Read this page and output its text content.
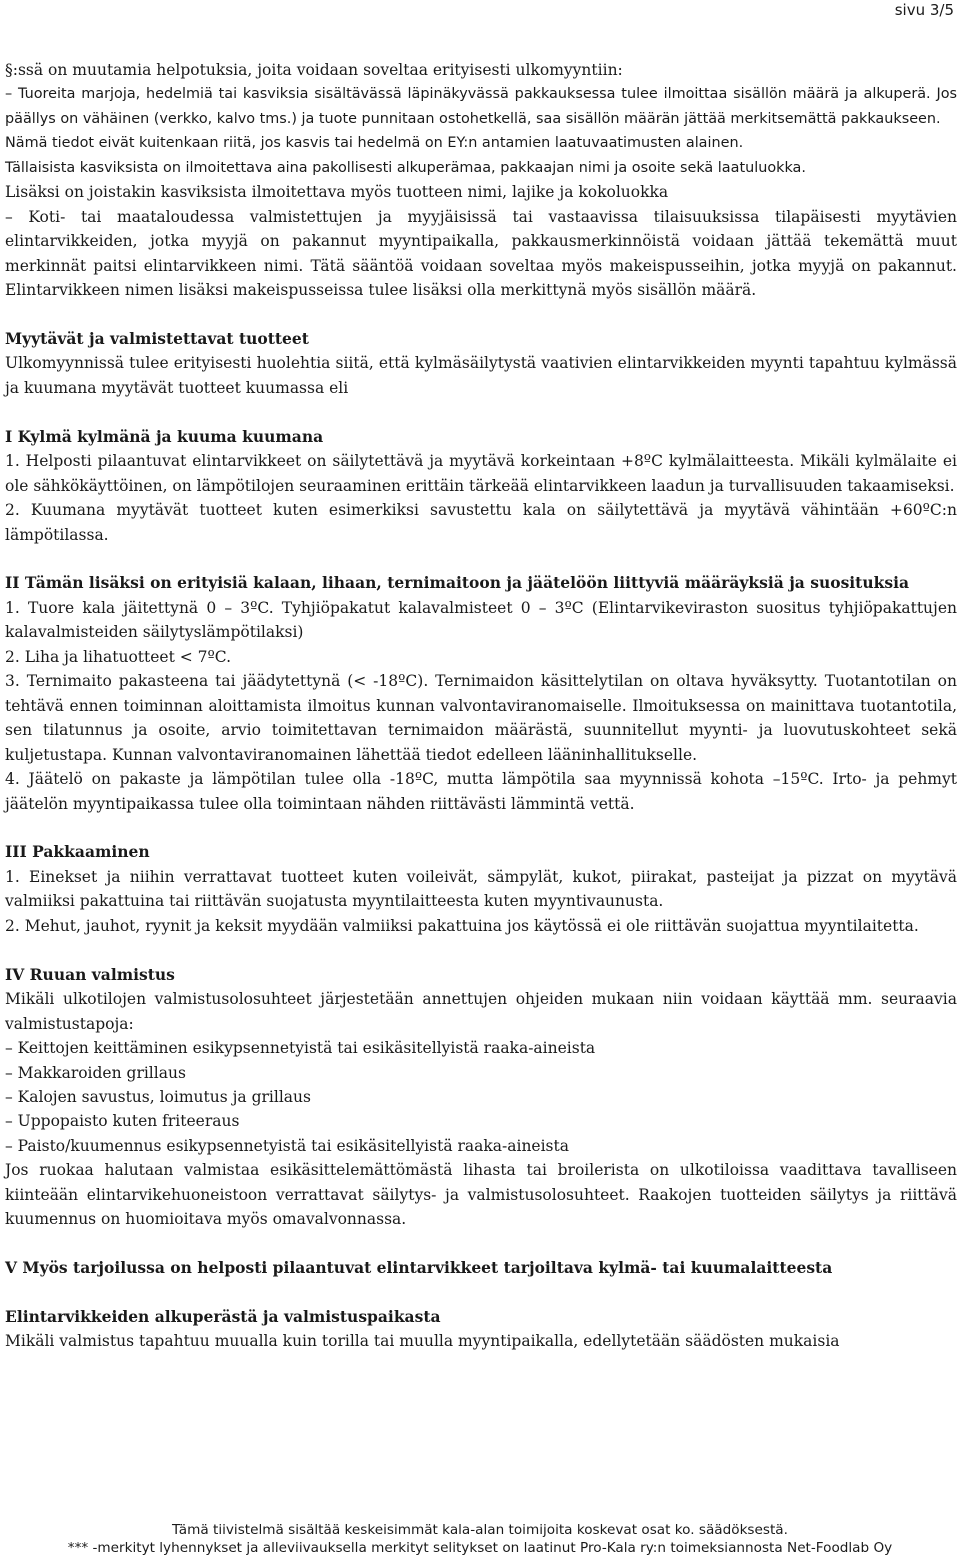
sivu 3/5

§:ssä on muutamia helpotuksia, joita voidaan soveltaa erityisesti ulkomyyntiin:

– Tuoreita marjoja, hedelmiä tai kasviksia sisältävässä läpinäkyvässä pakkauksessa tulee ilmoittaa sisällön määrä ja alkuperä. Jos päällys on vähäinen (verkko, kalvo tms.) ja tuote punnitaan ostohetkellä, saa sisällön määrän jättää merkitsemättä pakkaukseen.

Nämä tiedot eivät kuitenkaan riitä, jos kasvis tai hedelmä on EY:n antamien laatuvaatimusten alainen.

Tällaisista kasviksista on ilmoitettava aina pakollisesti alkuperämaa, pakkaajan nimi ja osoite sekä laatuluokka.

Lisäksi on joistakin kasviksista ilmoitettava myös tuotteen nimi, lajike ja kokoluokka

– Koti- tai maataloudessa valmistettujen ja myyjäisissä tai vastaavissa tilaisuuksissa tilapäisesti myytävien elintarvikkeiden, jotka myyjä on pakannut myyntipaikalla, pakkausmerkinnöistä voidaan jättää tekemättä muut merkinnät paitsi elintarvikkeen nimi. Tätä sääntöä voidaan soveltaa myös makeispusseihin, jotka myyjä on pakannut. Elintarvikkeen nimen lisäksi makeispusseissa tulee lisäksi olla merkittynä myös sisällön määrä.

Myytävät ja valmistettavat tuotteet

Ulkomyynnissä tulee erityisesti huolehtia siitä, että kylmäsäilytystä vaativien elintarvikkeiden myynti tapahtuu kylmässä ja kuumana myytävät tuotteet kuumassa eli

I Kylmä kylmänä ja kuuma kuumana

1. Helposti pilaantuvat elintarvikkeet on säilytettävä ja myytävä korkeintaan +8ºC kylmälaitteesta. Mikäli kylmälaite ei ole sähkökäyttöinen, on lämpötilojen seuraaminen erittäin tärkeää elintarvikkeen laadun ja turvallisuuden takaamiseksi.

2. Kuumana myytävät tuotteet kuten esimerkiksi savustettu kala on säilytettävä ja myytävä vähintään +60ºC:n lämpötilassa.

II Tämän lisäksi on erityisiä kalaan, lihaan, ternimaitoon ja jäätelöön liittyviä määräyksiä ja suosituksia

1. Tuore kala jäitettynä 0 – 3ºC. Tyhjiöpakatut kalavalmisteet 0 – 3ºC (Elintarvikeviraston suositus tyhjiöpakattujen kalavalmisteiden säilytyslämpötilaksi)

2. Liha ja lihatuotteet < 7ºC.

3. Ternimaito pakasteena tai jäädytettynä (< -18ºC). Ternimaidon käsittelytilan on oltava hyväksytty. Tuotantotilan on tehtävä ennen toiminnan aloittamista ilmoitus kunnan valvontaviranomaiselle. Ilmoituksessa on mainittava tuotantotila, sen tilatunnus ja osoite, arvio toimitettavan ternimaidon määrästä, suunnitellut myynti- ja luovutuskohteet sekä kuljetustapa. Kunnan valvontaviranomainen lähettää tiedot edelleen lääninhallitukselle.

4. Jäätelö on pakaste ja lämpötilan tulee olla -18ºC, mutta lämpötila saa myynnissä kohota –15ºC. Irto- ja pehmyt jäätelön myyntipaikassa tulee olla toimintaan nähden riittävästi lämmintä vettä.

III Pakkaaminen

1. Einekset ja niihin verrattavat tuotteet kuten voileivät, sämpylät, kukot, piirakat, pasteijat ja pizzat on myytävä valmiiksi pakattuina tai riittävän suojatusta myyntilaitteesta kuten myyntivaunusta.

2. Mehut, jauhot, ryynit ja keksit myydään valmiiksi pakattuina jos käytössä ei ole riittävän suojattua myyntilaitetta.

IV Ruuan valmistus

Mikäli ulkotilojen valmistusolosuhteet järjestetään annettujen ohjeiden mukaan niin voidaan käyttää mm. seuraavia valmistustapoja:

– Keittojen keittäminen esikypsennetyistä tai esikäsitellyistä raaka-aineista

– Makkaroiden grillaus

– Kalojen savustus, loimutus ja grillaus

– Uppopaisto kuten friteeraus

– Paisto/kuumennus esikypsennetyistä tai esikäsitellyistä raaka-aineista

Jos ruokaa halutaan valmistaa esikäsittelemättömästä lihasta tai broilerista on ulkotiloissa vaadittava tavalliseen kiinteään elintarvikehuoneistoon verrattavat säilytys- ja valmistusolosuhteet. Raakojen tuotteiden säilytys ja riittävä kuumennus on huomioitava myös omavalvonnassa.

V Myös tarjoilussa on helposti pilaantuvat elintarvikkeet tarjoiltava kylmä- tai kuumalaitteesta

Elintarvikkeiden alkuperästä ja valmistuspaikasta

Mikäli valmistus tapahtuu muualla kuin torilla tai muulla myyntipaikalla, edellytetään säädösten mukaisia

Tämä tiivistelmä sisältää keskeisimmät kala-alan toimijoita koskevat osat ko. säädöksestä.
*** -merkityt lyhennykset ja alleviivauksella merkityt selitykset on laatinut Pro-Kala ry:n toimeksiannosta Net-Foodlab Oy
